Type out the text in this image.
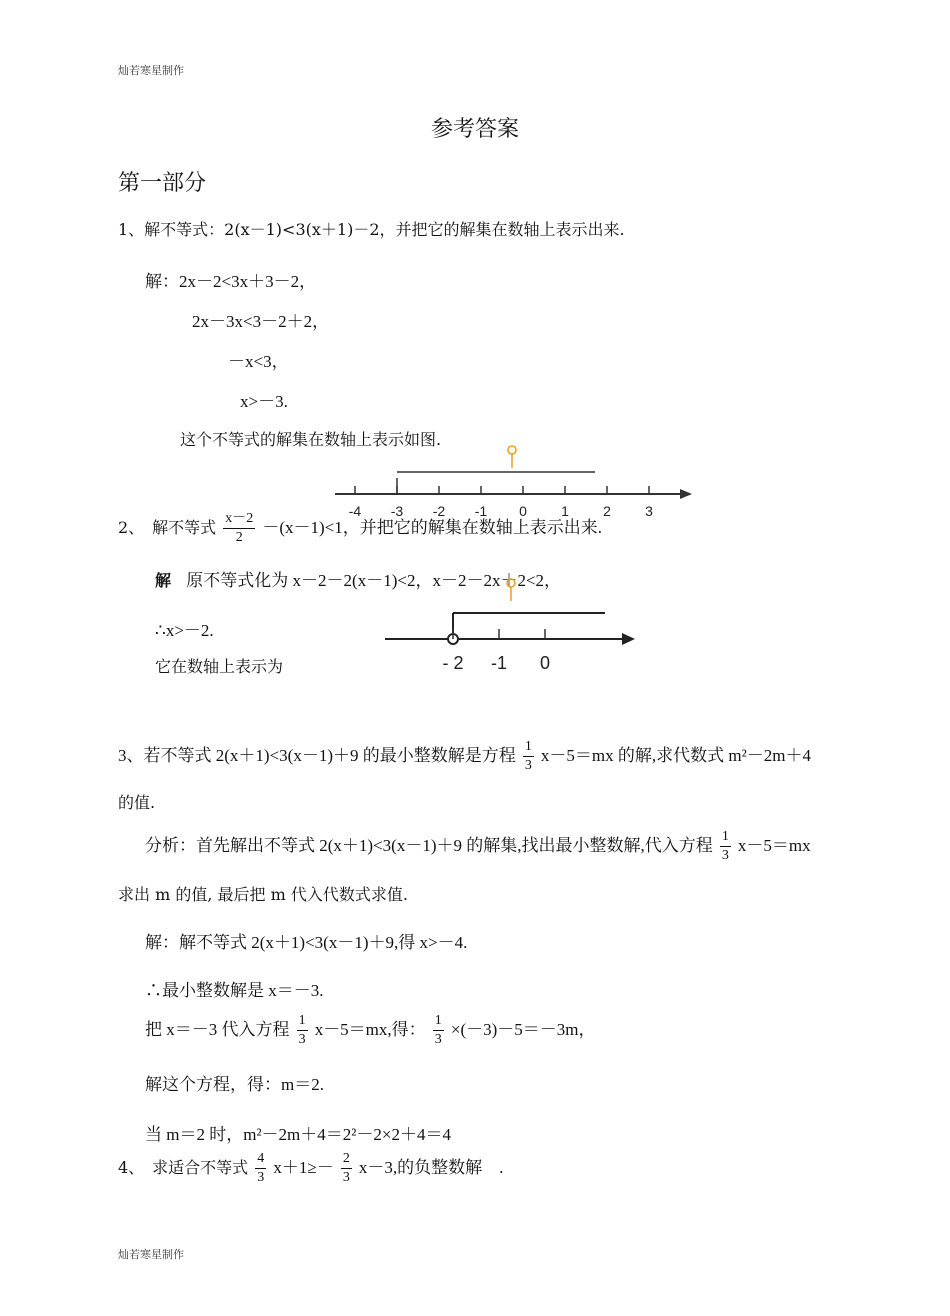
灿若寒星制作
灿若寒星制作
参考答案
第一部分
1、解不等式：2(x－1)<3(x＋1)－2，并把它的解集在数轴上表示出来.
解：2x－2<3x＋3－2，
2x－3x<3－2＋2，
－x<3，
x>－3.
这个不等式的解集在数轴上表示如图.
-4 -3 -2 -1 0 1 2 3
2、　解不等式 $\frac{x-2}{2} -(x-1)<1$，并把它的解集在数轴上表示出来.
解 原不等式化为 x－2－2(x－1)<2，x－2－2x＋2<2，
∴x>－2.
它在数轴上表示为	- 2 -1 0
3、若不等式 2(x＋1)<3(x－1)＋9 的最小整数解是方程 $\frac{1}{3} x-5=mx$ 的解,求代数式 m²－2m＋4
的值.
分析：首先解出不等式 2(x＋1)<3(x－1)＋9 的解集,找出最小整数解,代入方程 $\frac{1}{3} x-5=mx$
求出 m 的值, 最后把 m 代入代数式求值.
解：解不等式 2(x＋1)<3(x－1)＋9,得 x>－4.
∴最小整数解是 x＝－3.
把 x＝－3 代入方程 $\frac{1}{3} x-5=mx$,得： $\frac{1}{3} \times(-3)-5=-3m$，
解这个方程，得：m＝2.
当 m＝2 时，m²－2m＋4＝2²－2×2＋4＝4
4、　求适合不等式 $\frac{4}{3} x+1\ge- \frac{2}{3} x-3$,的负整数解　.
